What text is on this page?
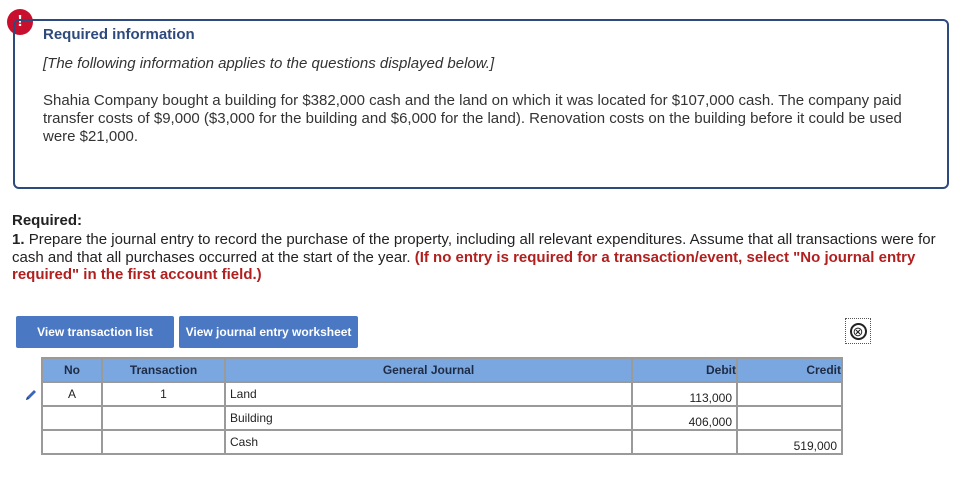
!
Required information
[The following information applies to the questions displayed below.]
Shahia Company bought a building for $382,000 cash and the land on which it was located for $107,000 cash. The company paid transfer costs of $9,000 ($3,000 for the building and $6,000 for the land). Renovation costs on the building before it could be used were $21,000.
Required:
1. Prepare the journal entry to record the purchase of the property, including all relevant expenditures. Assume that all transactions were for cash and that all purchases occurred at the start of the year. (If no entry is required for a transaction/event, select "No journal entry required" in the first account field.)
View transaction list	View journal entry worksheet	⊗
No	Transaction	General Journal	Debit	Credit
A	1	Land	113,000	
		Building	406,000	
		Cash		519,000
